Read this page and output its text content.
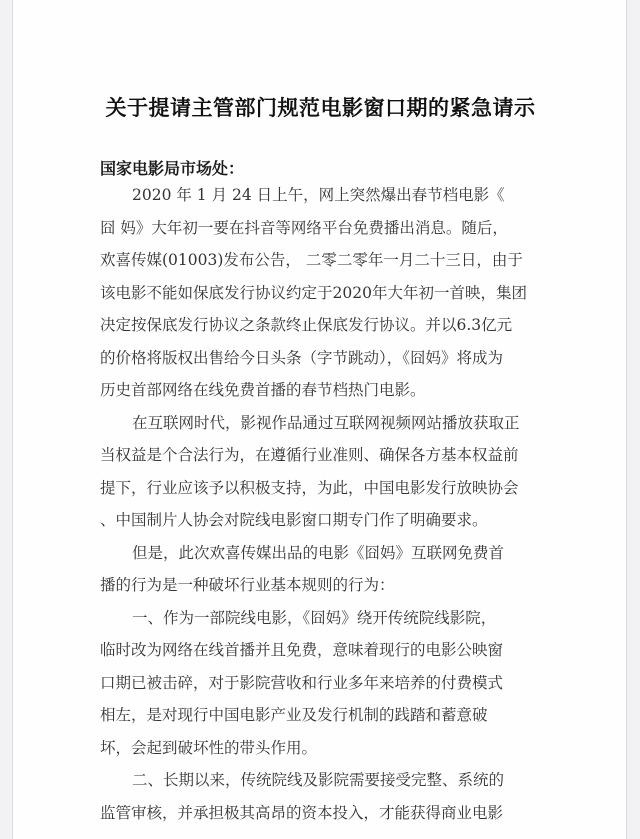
关于提请主管部门规范电影窗口期的紧急请示
国家电影局市场处：
2020 年 1 月 24 日上午，网上突然爆出春节档电影《
囧 妈》大年初一要在抖音等网络平台免费播出消息。随后，
欢喜传媒(01003)发布公告， 二零二零年一月二十三日，由于
该电影不能如保底发行协议约定于2020年大年初一首映，集团
决定按保底发行协议之条款终止保底发行协议。并以6.3亿元
的价格将版权出售给今日头条（字节跳动），《囧妈》将成为
历史首部网络在线免费首播的春节档热门电影。
在互联网时代，影视作品通过互联网视频网站播放获取正
当权益是个合法行为，在遵循行业准则、确保各方基本权益前
提下，行业应该予以积极支持，为此，中国电影发行放映协会
、中国制片人协会对院线电影窗口期专门作了明确要求。
但是，此次欢喜传媒出品的电影《囧妈》互联网免费首
播的行为是一种破坏行业基本规则的行为：
一、作为一部院线电影，《囧妈》绕开传统院线影院，
临时改为网络在线首播并且免费，意味着现行的电影公映窗
口期已被击碎，对于影院营收和行业多年来培养的付费模式
相左，是对现行中国电影产业及发行机制的践踏和蓄意破
坏，会起到破坏性的带头作用。
二、长期以来，传统院线及影院需要接受完整、系统的
监管审核，并承担极其高昂的资本投入，才能获得商业电影
